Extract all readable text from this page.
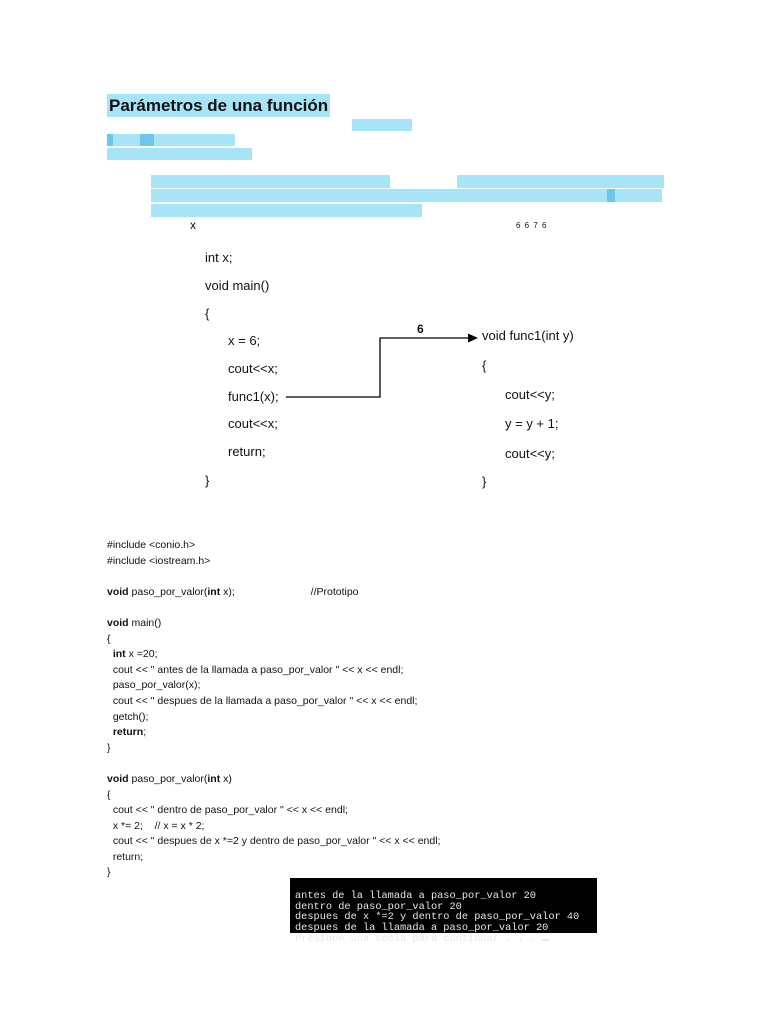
Parámetros de una función
x	6 6 7 6
int x;
void main()
{
x = 6;
cout<<x;
func1(x);
cout<<x;
return;
}
void func1(int y)
{
cout<<y;
y = y + 1;
cout<<y;
}
6
#include <conio.h>
#include <iostream.h>
void paso_por_valor(int x);                          //Prototipo
void main()
{
int x =20;
cout << " antes de la llamada a paso_por_valor " << x << endl;
paso_por_valor(x);
cout << " despues de la llamada a paso_por_valor " << x << endl;
getch();
return;
}
void paso_por_valor(int x)
{
cout << " dentro de paso_por_valor " << x << endl;
x *= 2;    // x = x * 2;
cout << " despues de x *=2 y dentro de paso_por_valor " << x << endl;
return;
}

antes de la llamada a paso_por_valor 20
dentro de paso_por_valor 20
despues de x *=2 y dentro de paso_por_valor 40
despues de la llamada a paso_por_valor 20
Presione una tecla para continuar . . .
